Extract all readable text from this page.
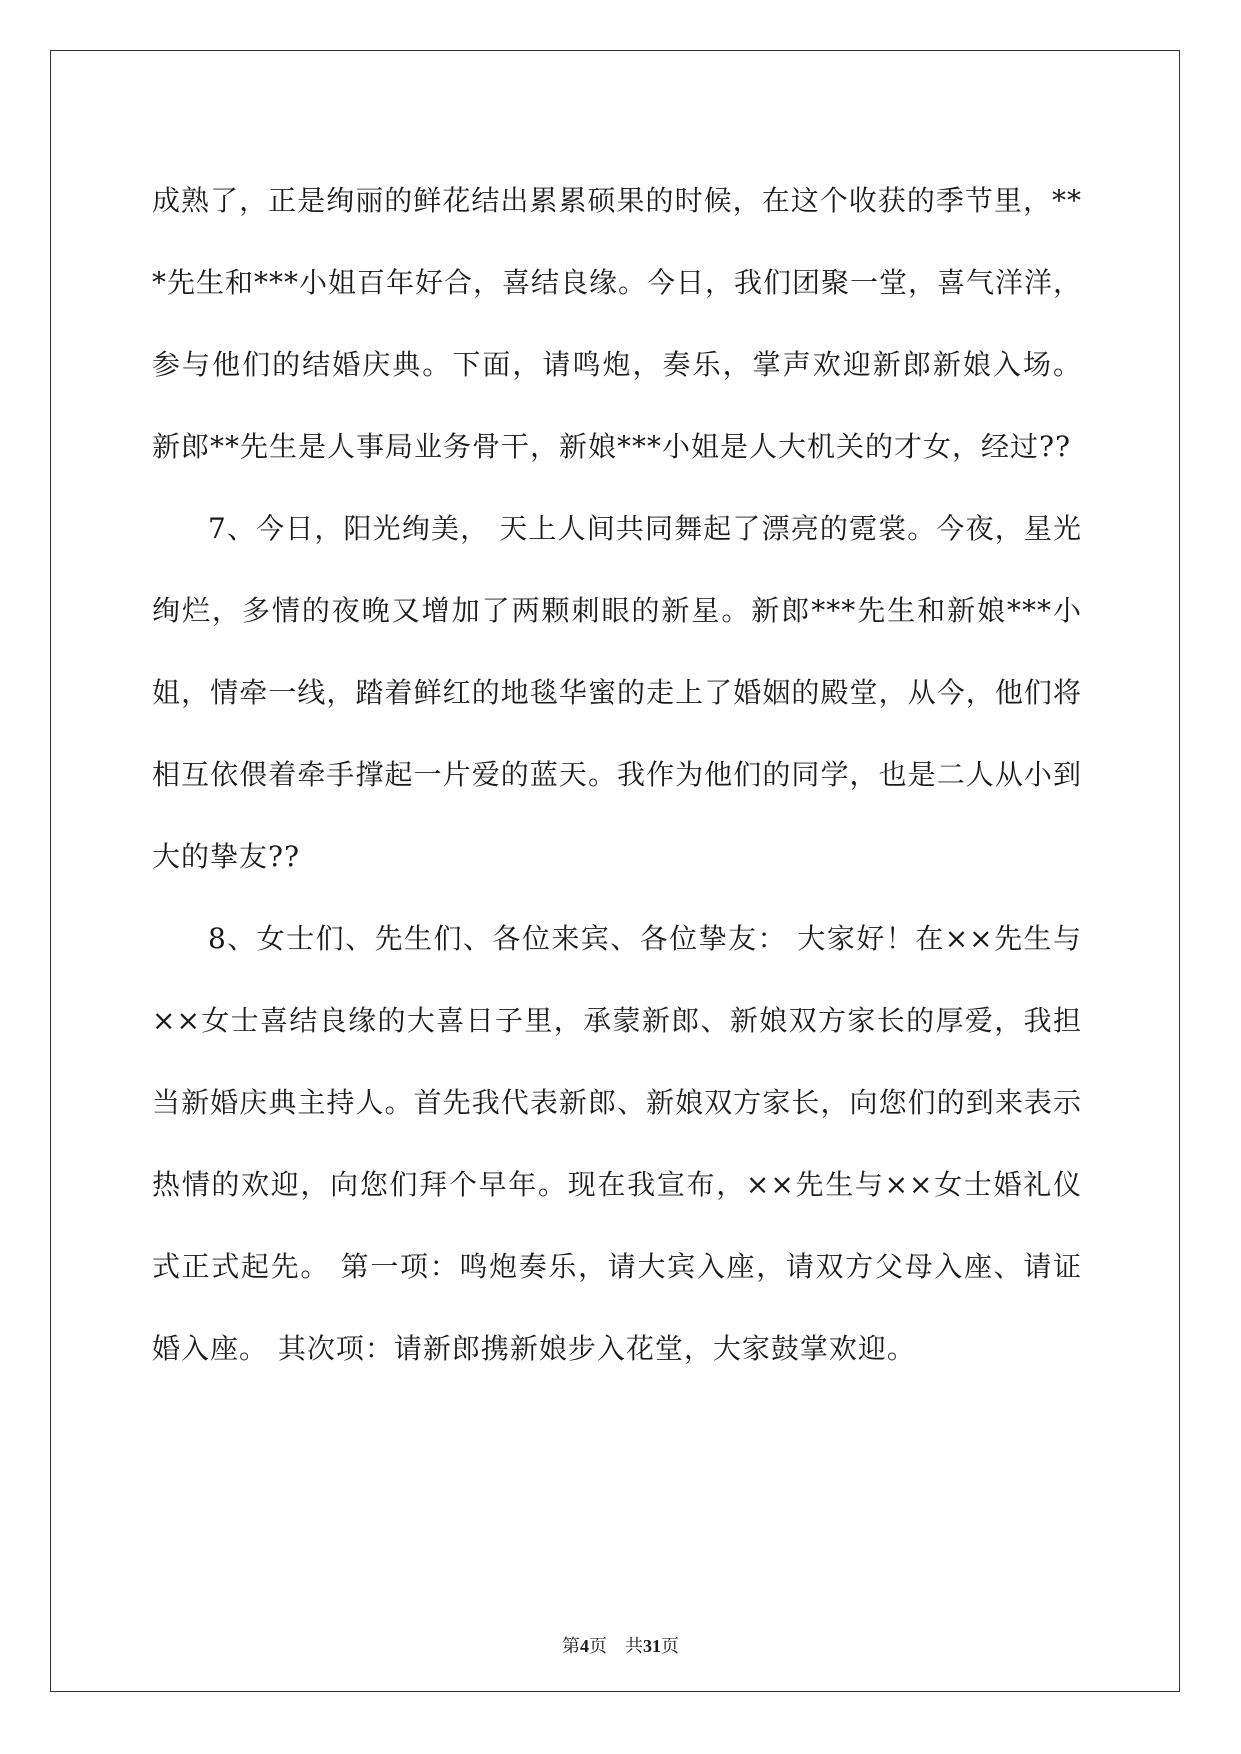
成熟了，正是绚丽的鲜花结出累累硕果的时候，在这个收获的季节里，***先生和***小姐百年好合，喜结良缘。今日，我们团聚一堂，喜气洋洋，参与他们的结婚庆典。下面，请鸣炮，奏乐，掌声欢迎新郎新娘入场。 新郎**先生是人事局业务骨干，新娘***小姐是人大机关的才女，经过??

7、今日，阳光绚美， 天上人间共同舞起了漂亮的霓裳。今夜，星光绚烂，多情的夜晚又增加了两颗刺眼的新星。新郎***先生和新娘***小姐，情牵一线，踏着鲜红的地毯华蜜的走上了婚姻的殿堂，从今，他们将相互依偎着牵手撑起一片爱的蓝天。我作为他们的同学，也是二人从小到大的挚友??

8、女士们、先生们、各位来宾、各位挚友： 大家好！在××先生与××女士喜结良缘的大喜日子里，承蒙新郎、新娘双方家长的厚爱，我担当新婚庆典主持人。首先我代表新郎、新娘双方家长，向您们的到来表示热情的欢迎，向您们拜个早年。现在我宣布，××先生与××女士婚礼仪式正式起先。 第一项：鸣炮奏乐，请大宾入座，请双方父母入座、请证婚入座。 其次项：请新郎携新娘步入花堂，大家鼓掌欢迎。

第4页　共31页
